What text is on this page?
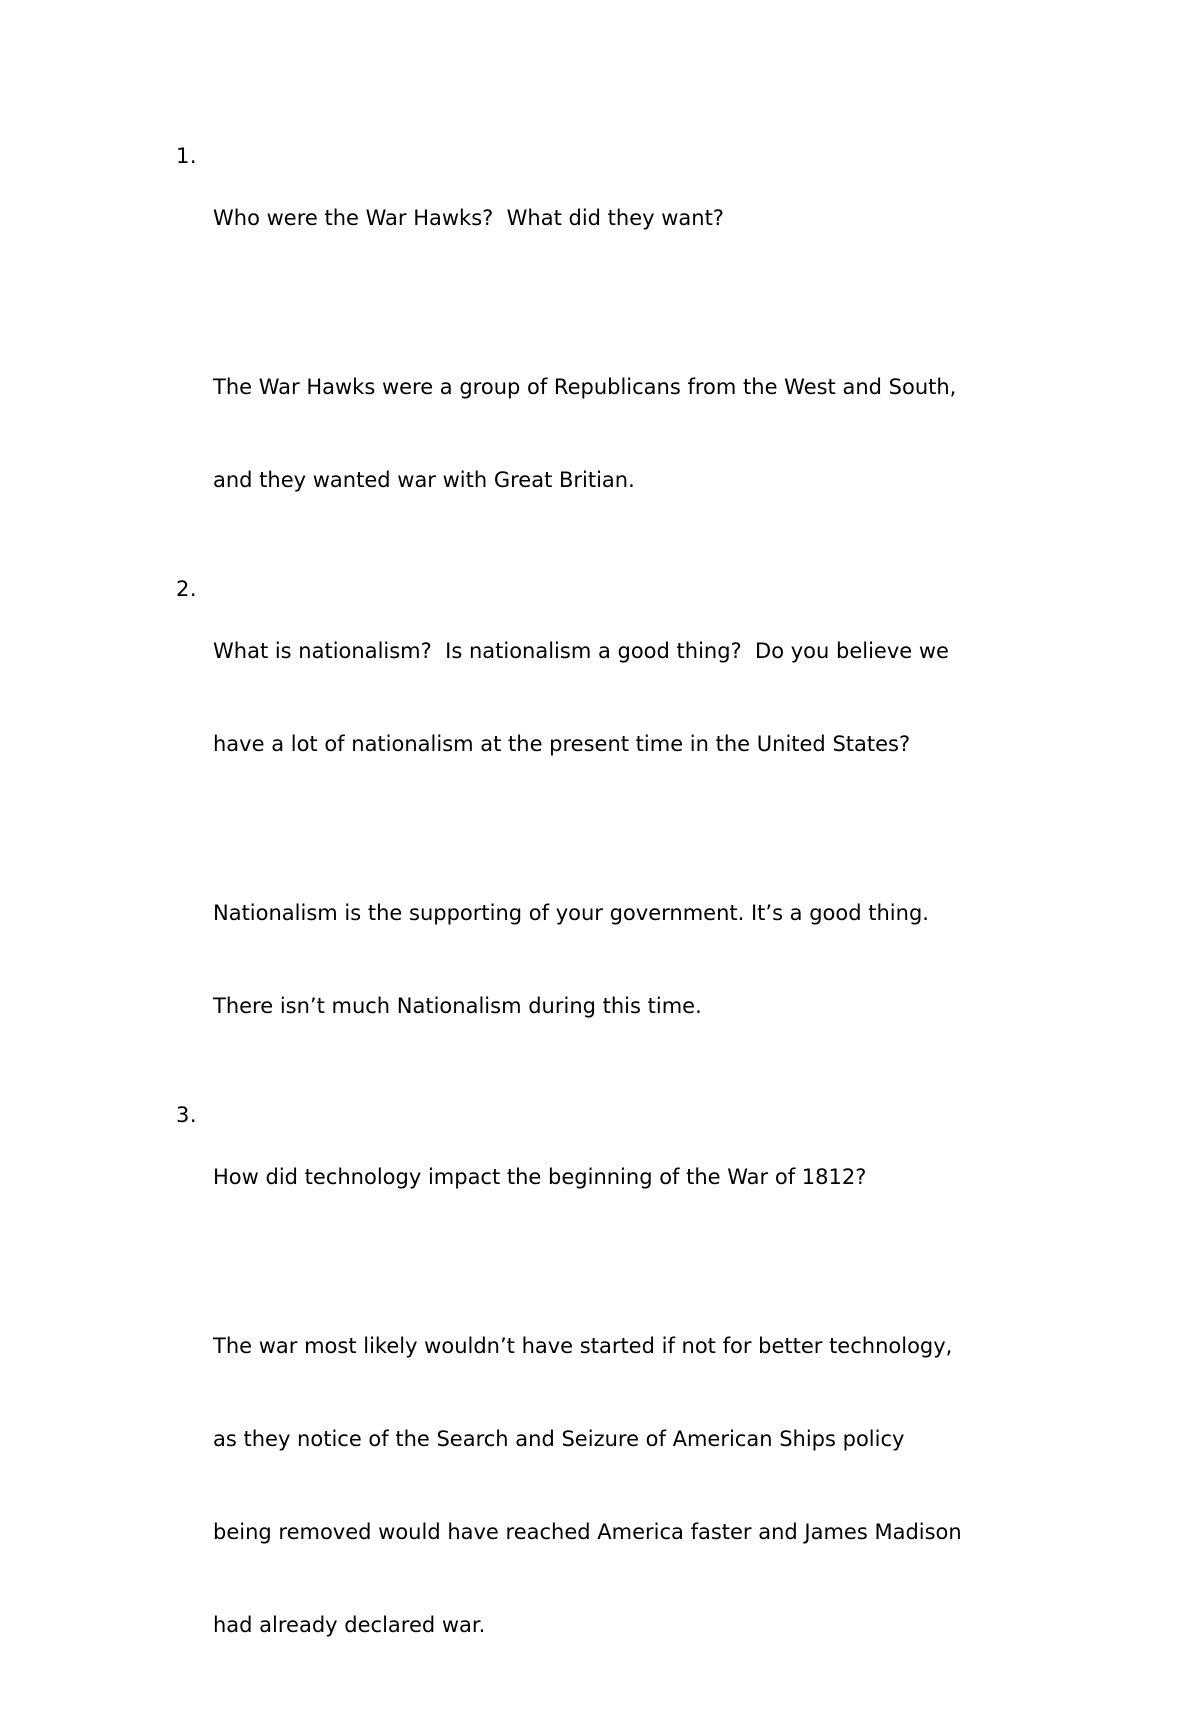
1.

Who were the War Hawks?  What did they want?

The War Hawks were a group of Republicans from the West and South,

and they wanted war with Great Britian.

2.

What is nationalism?  Is nationalism a good thing?  Do you believe we

have a lot of nationalism at the present time in the United States?

Nationalism is the supporting of your government. It’s a good thing.

There isn’t much Nationalism during this time.

3.

How did technology impact the beginning of the War of 1812?

The war most likely wouldn’t have started if not for better technology,

as they notice of the Search and Seizure of American Ships policy

being removed would have reached America faster and James Madison

had already declared war.
